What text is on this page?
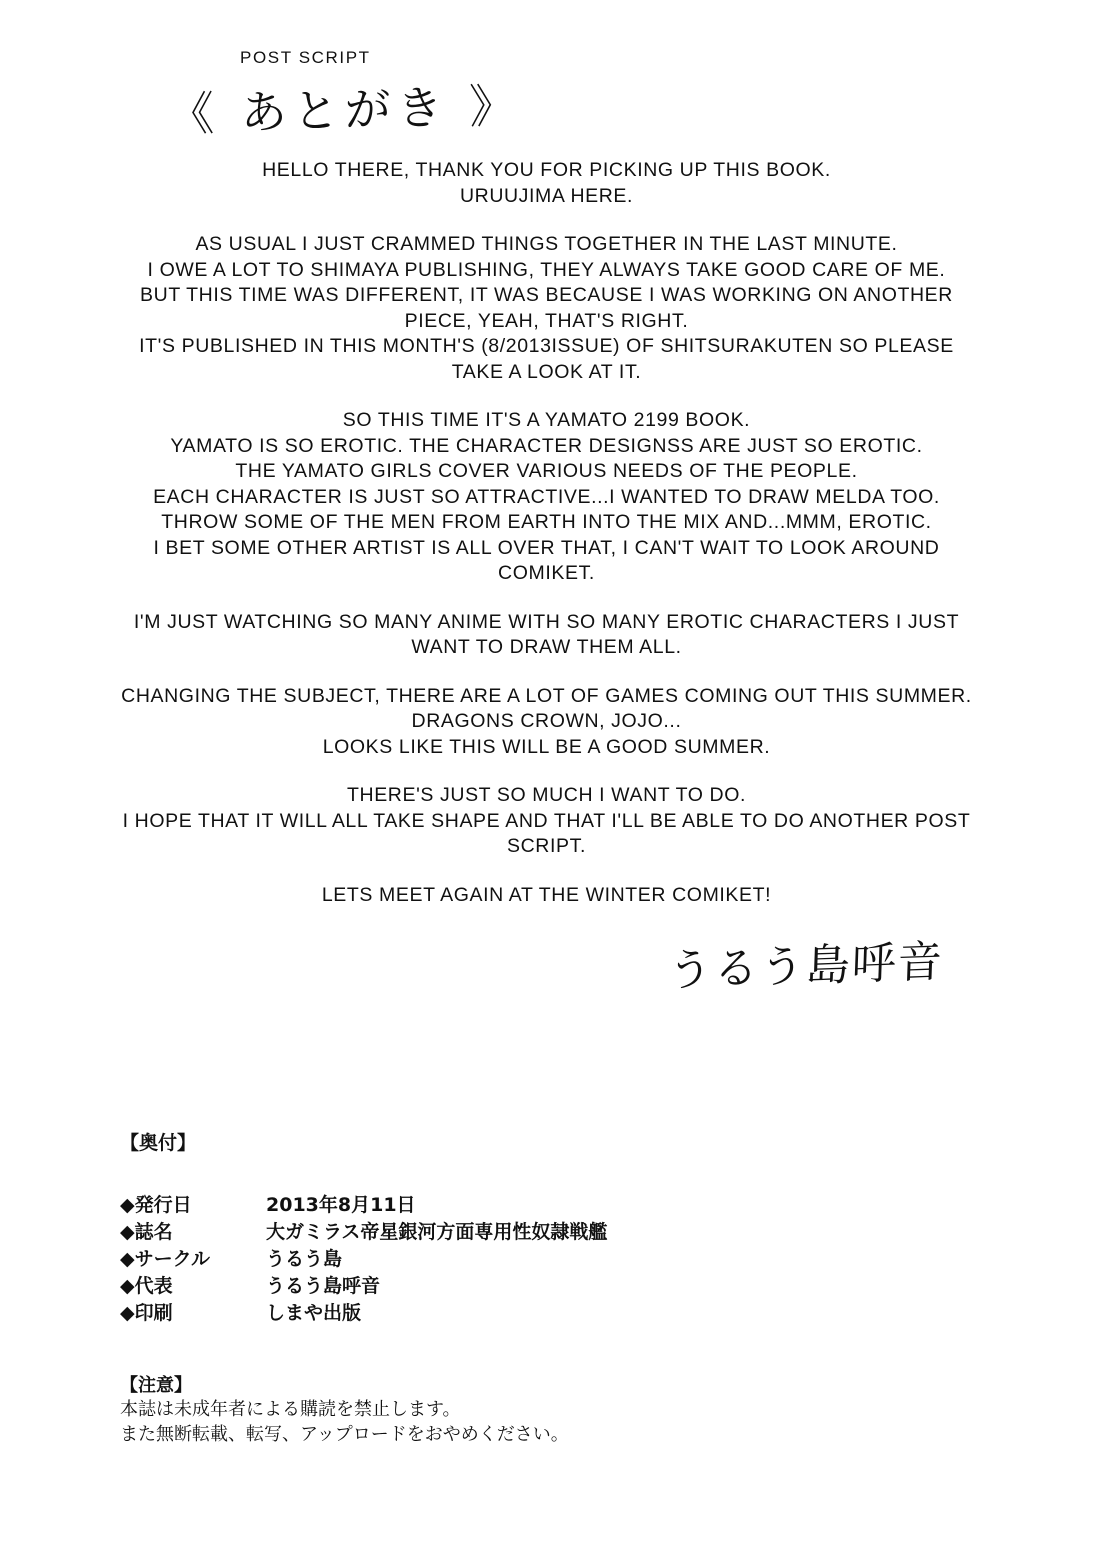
POST SCRIPT
《 あとがき 》

HELLO THERE, THANK YOU FOR PICKING UP THIS BOOK.
URUUJIMA HERE.

AS USUAL I JUST CRAMMED THINGS TOGETHER IN THE LAST MINUTE.
I OWE A LOT TO SHIMAYA PUBLISHING, THEY ALWAYS TAKE GOOD CARE OF ME.
BUT THIS TIME WAS DIFFERENT, IT WAS BECAUSE I WAS WORKING ON ANOTHER PIECE, YEAH, THAT'S RIGHT.
IT'S PUBLISHED IN THIS MONTH'S (8/2013ISSUE) OF SHITSURAKUTEN SO PLEASE TAKE A LOOK AT IT.

SO THIS TIME IT'S A YAMATO 2199 BOOK.
YAMATO IS SO EROTIC. THE CHARACTER DESIGNSS ARE JUST SO EROTIC.
THE YAMATO GIRLS COVER VARIOUS NEEDS OF THE PEOPLE.
EACH CHARACTER IS JUST SO ATTRACTIVE...I WANTED TO DRAW MELDA TOO.
THROW SOME OF THE MEN FROM EARTH INTO THE MIX AND...MMM, EROTIC.
I BET SOME OTHER ARTIST IS ALL OVER THAT, I CAN'T WAIT TO LOOK AROUND COMIKET.

I'M JUST WATCHING SO MANY ANIME WITH SO MANY EROTIC CHARACTERS I JUST WANT TO DRAW THEM ALL.

CHANGING THE SUBJECT, THERE ARE A LOT OF GAMES COMING OUT THIS SUMMER. DRAGONS CROWN, JOJO...
LOOKS LIKE THIS WILL BE A GOOD SUMMER.

THERE'S JUST SO MUCH I WANT TO DO.
I HOPE THAT IT WILL ALL TAKE SHAPE AND THAT I'LL BE ABLE TO DO ANOTHER POST SCRIPT.

LETS MEET AGAIN AT THE WINTER COMIKET!

うるう島呼音
【奥付】
◆発行日	2013年8月11日
◆誌名	大ガミラス帝星銀河方面専用性奴隷戦艦
◆サークル	うるう島
◆代表	うるう島呼音
◆印刷	しまや出版
【注意】
本誌は未成年者による購読を禁止します。
また無断転載、転写、アップロードをおやめください。
